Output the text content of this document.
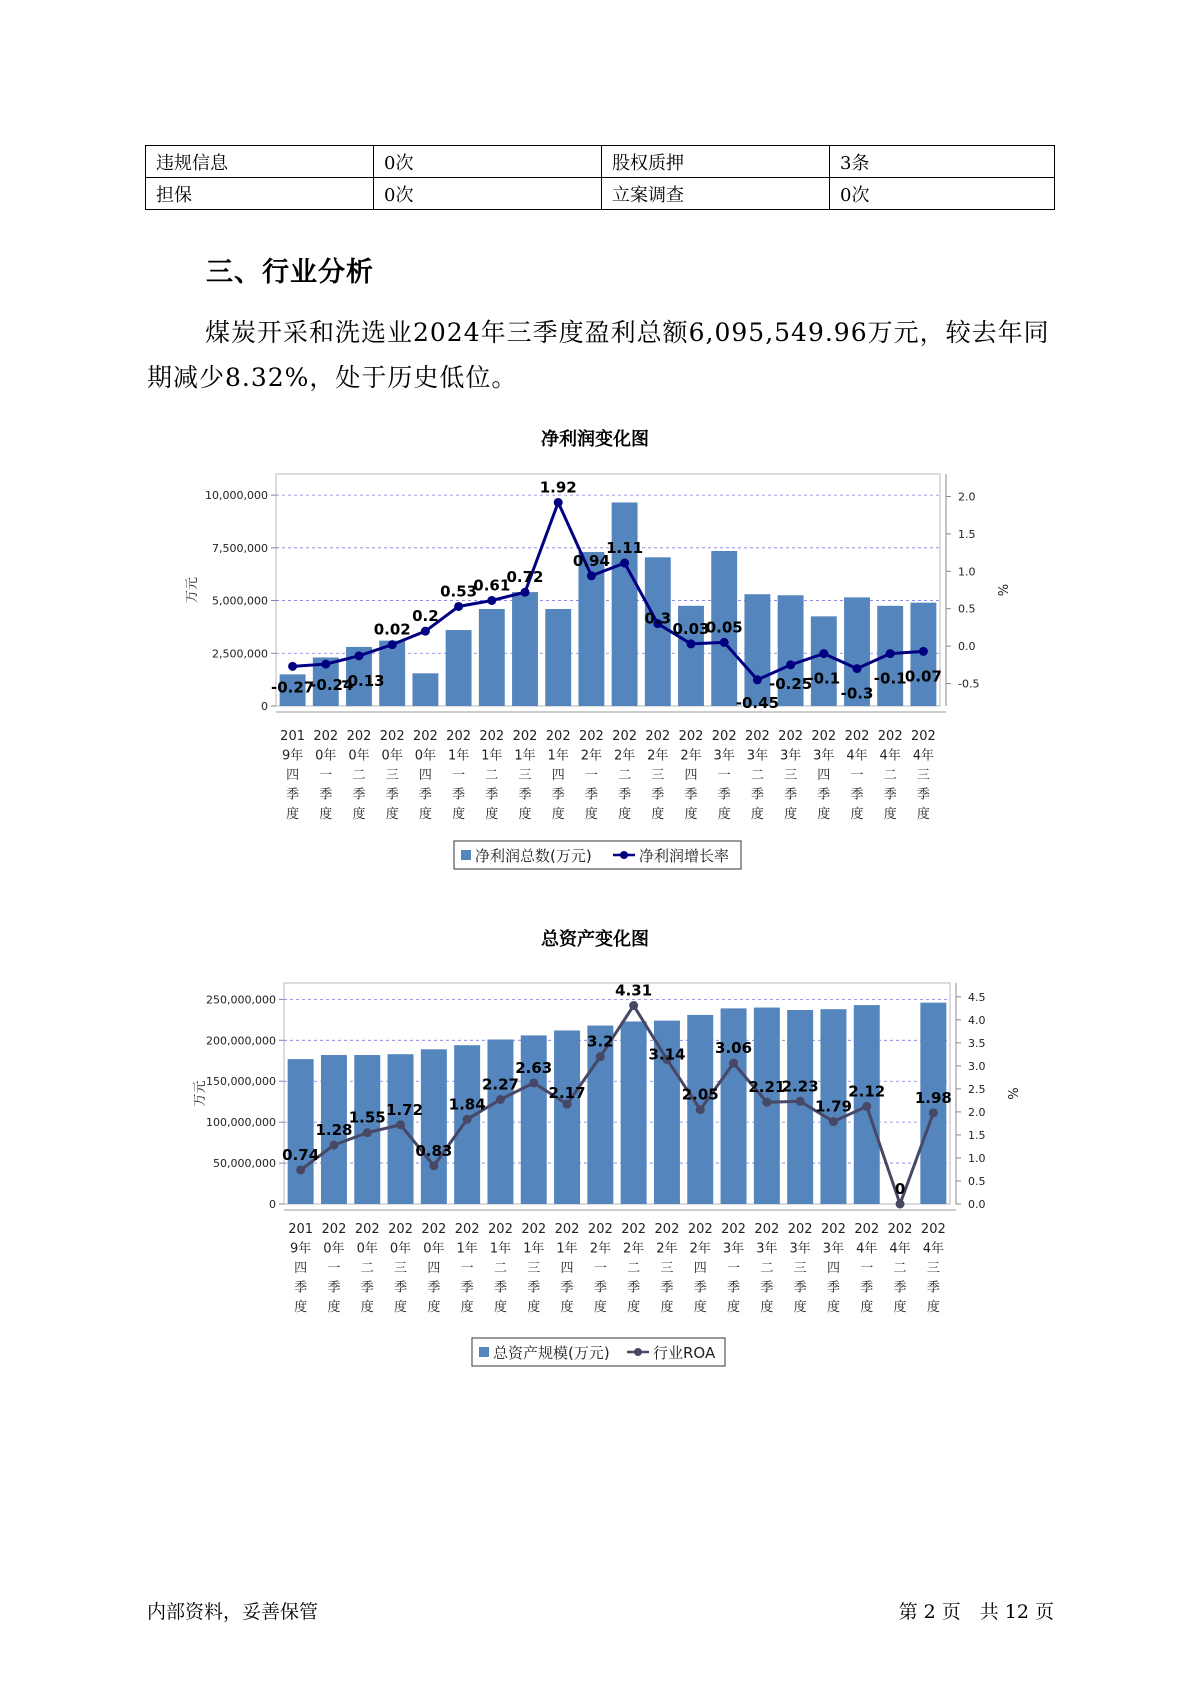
违规信息	0次	股权质押	3条
担保	0次	立案调查	0次
三、行业分析

煤炭开采和洗选业2024年三季度盈利总额6,095,549.96万元，较去年同期减少8.32%，处于历史低位。

净利润变化图
0
2,500,000
5,000,000
7,500,000
10,000,000
-0.5
0.0
0.5
1.0
1.5
2.0
万元	%
-0.27
-0.24
-0.13
0.02
0.2
0.53
0.61
0.72
1.92
0.94
1.11
0.3
0.03
0.05
-0.45
-0.25
-0.1
-0.3
-0.1
0.07
201
9年
四
季
度
202
0年
一
季
度
202
0年
二
季
度
202
0年
三
季
度
202
0年
四
季
度
202
1年
一
季
度
202
1年
二
季
度
202
1年
三
季
度
202
1年
四
季
度
202
2年
一
季
度
202
2年
二
季
度
202
2年
三
季
度
202
2年
四
季
度
202
3年
一
季
度
202
3年
二
季
度
202
3年
三
季
度
202
3年
四
季
度
202
4年
一
季
度
202
4年
二
季
度
202
4年
三
季
度
净利润总数(万元)	净利润增长率
总资产变化图
0
50,000,000
100,000,000
150,000,000
200,000,000
250,000,000
0.0
0.5
1.0
1.5
2.0
2.5
3.0
3.5
4.0
4.5
万元	%
0.74
1.28
1.55 1.72
0.83
1.84
2.27
2.63
2.17
3.2
4.31
3.14
2.05
3.06
2.21
2.23
1.79
2.12
0
1.98
201
9年
四
季
度
202
0年
一
季
度
202
0年
二
季
度
202
0年
三
季
度
202
0年
四
季
度
202
1年
一
季
度
202
1年
二
季
度
202
1年
三
季
度
202
1年
四
季
度
202
2年
一
季
度
202
2年
二
季
度
202
2年
三
季
度
202
2年
四
季
度
202
3年
一
季
度
202
3年
二
季
度
202
3年
三
季
度
202
3年
四
季
度
202
4年
一
季
度
202
4年
二
季
度
202
4年
三
季
度
总资产规模(万元)	行业ROA
内部资料，妥善保管	第 2 页　共 12 页
